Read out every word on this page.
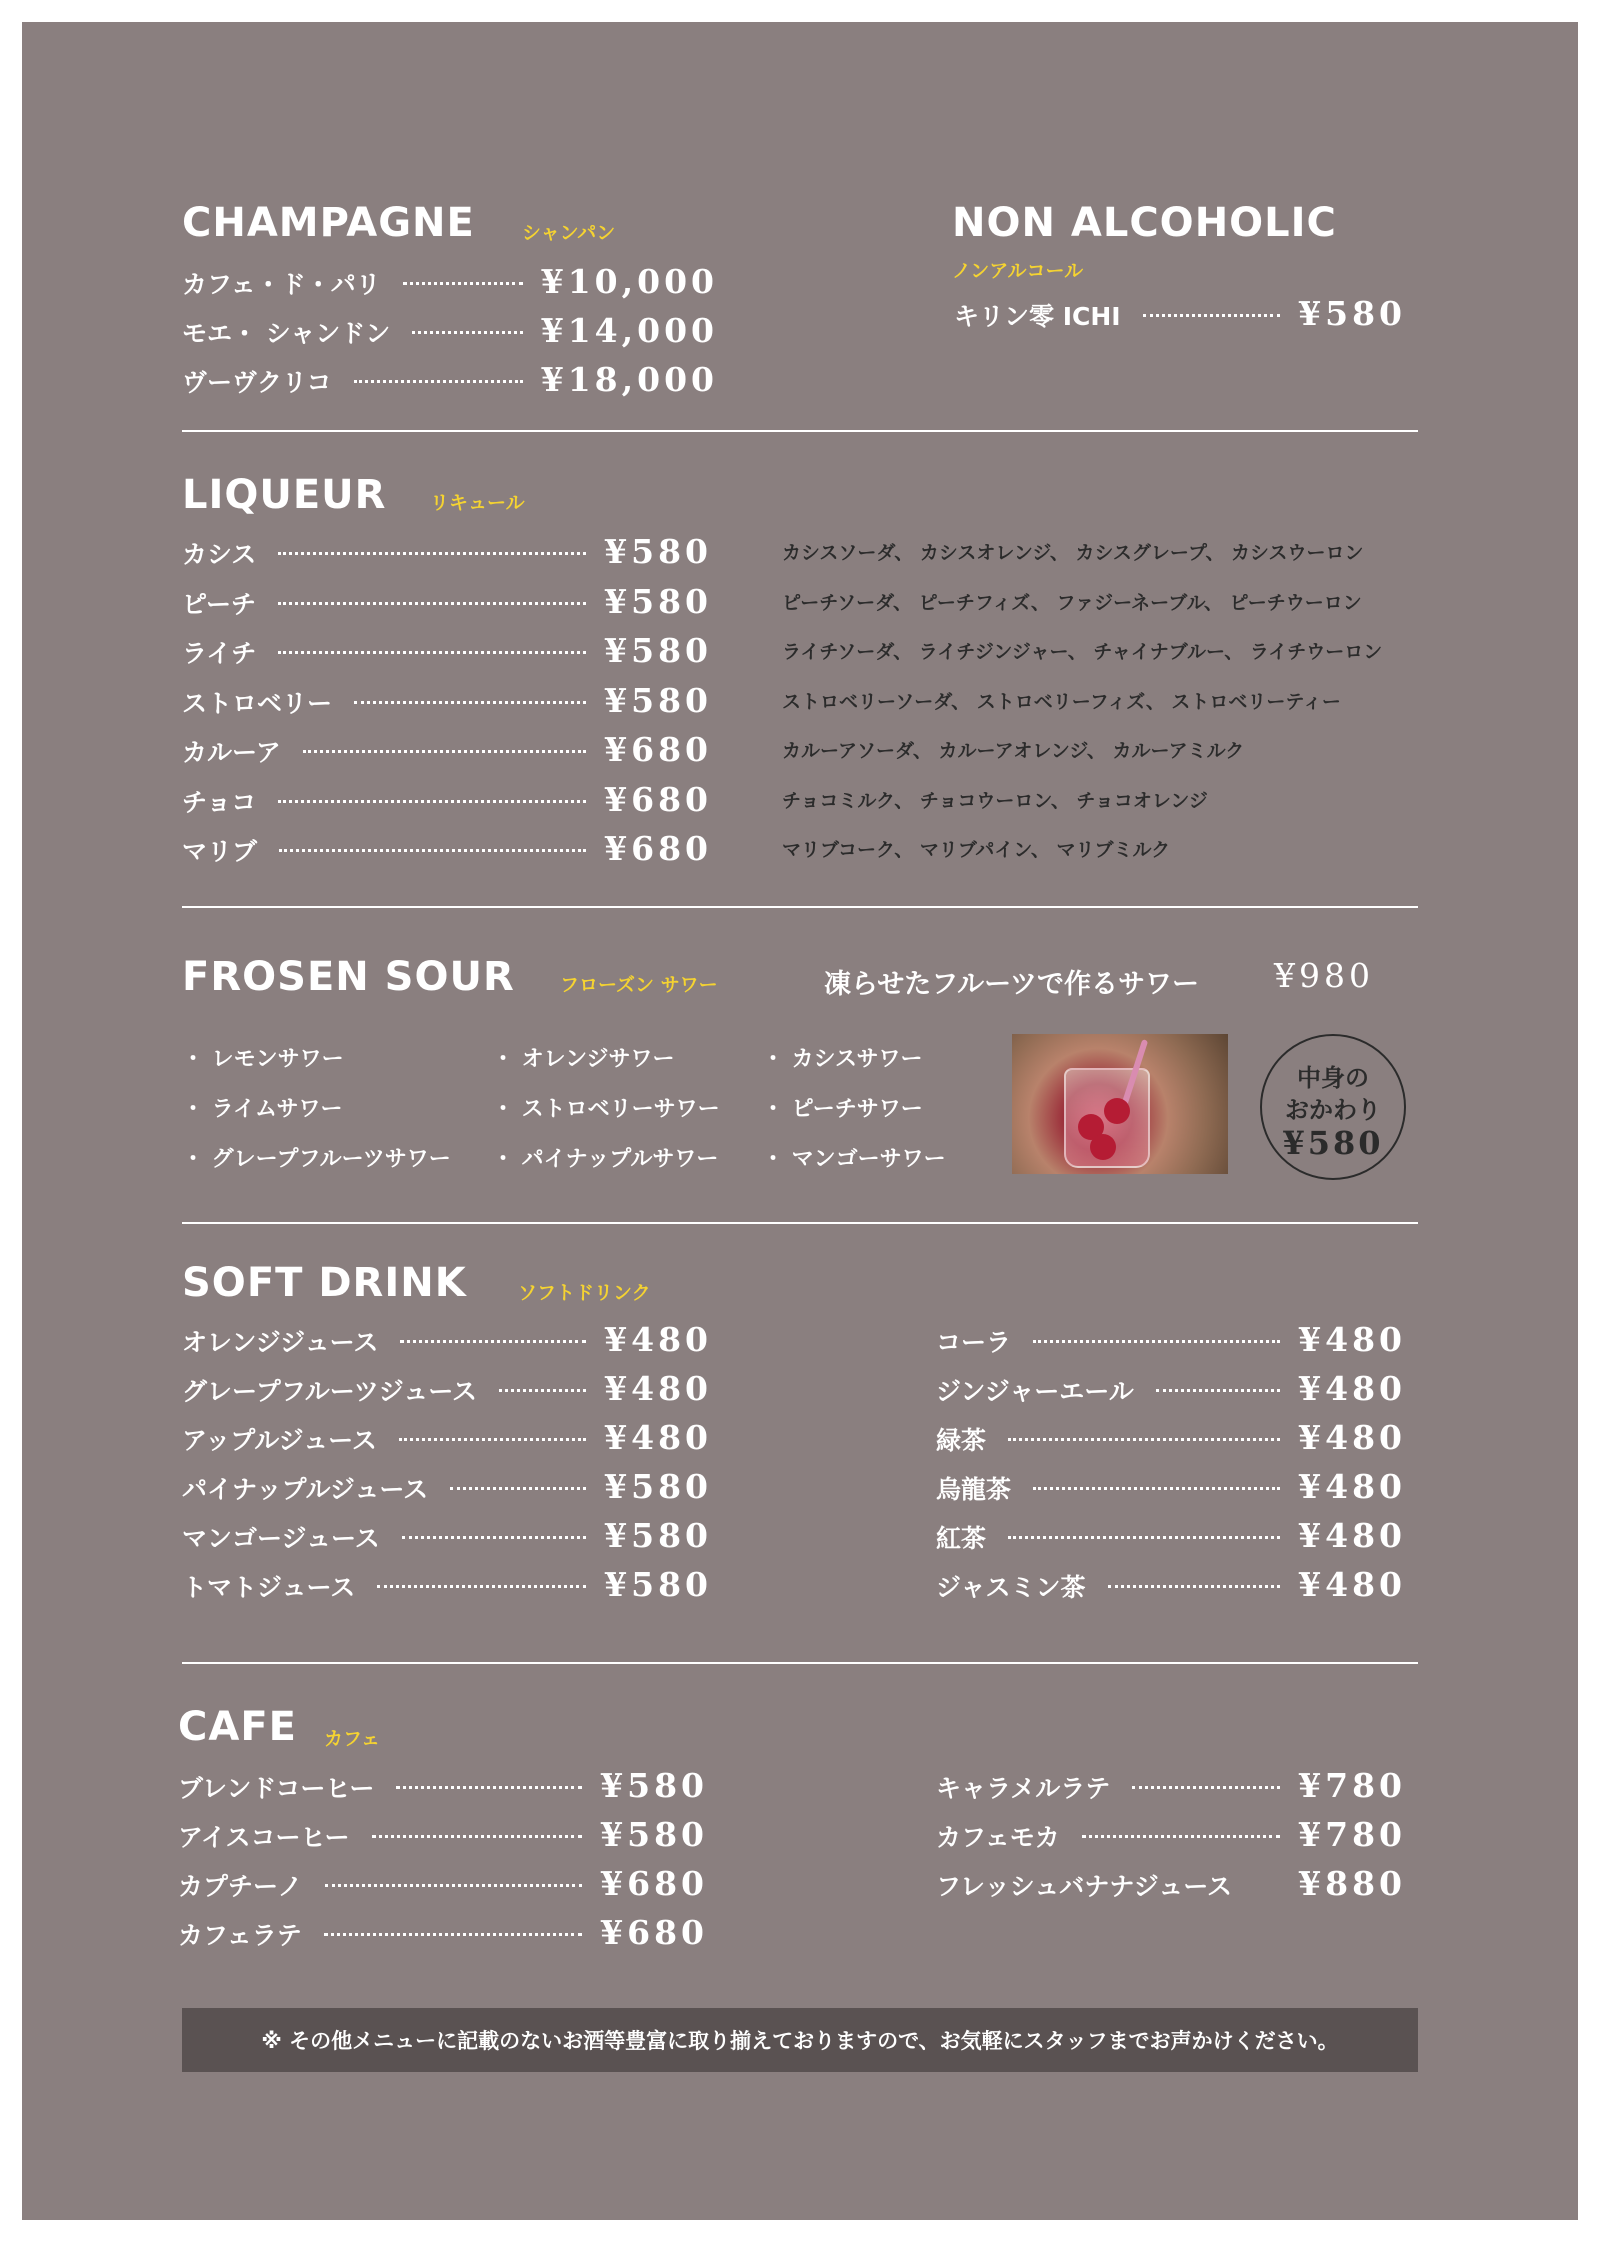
CHAMPAGNE シャンパン
カフェ・ド・パリ	¥10,000
モエ・ シャンドン	¥14,000
ヴーヴクリコ	¥18,000
NON ALCOHOLIC
ノンアルコール
キリン零 ICHI	¥580
LIQUEUR リキュール
カシス	¥580	カシスソーダ、 カシスオレンジ、 カシスグレープ、 カシスウーロン
ピーチ	¥580	ピーチソーダ、 ピーチフィズ、 ファジーネーブル、 ピーチウーロン
ライチ	¥580	ライチソーダ、 ライチジンジャー、 チャイナブルー、 ライチウーロン
ストロベリー	¥580	ストロベリーソーダ、 ストロベリーフィズ、 ストロベリーティー
カルーア	¥680	カルーアソーダ、 カルーアオレンジ、 カルーアミルク
チョコ	¥680	チョコミルク、 チョコウーロン、 チョコオレンジ
マリブ	¥680	マリブコーク、 マリブパイン、 マリブミルク
FROSEN SOUR フローズン サワー	凍らせたフルーツで作るサワー ¥980
・ レモンサワー
・ ライムサワー
・ グレープフルーツサワー
・ オレンジサワー
・ ストロベリーサワー
・ パイナップルサワー
・ カシスサワー
・ ピーチサワー
・ マンゴーサワー
中身の
おかわり
¥580
SOFT DRINK	ソフトドリンク
オレンジジュース	¥480
グレープフルーツジュース	¥480
アップルジュース	¥480
パイナップルジュース	¥580
マンゴージュース	¥580
トマトジュース	¥580
コーラ	¥480
ジンジャーエール	¥480
緑茶	¥480
烏龍茶	¥480
紅茶	¥480
ジャスミン茶	¥480
CAFE カフェ
ブレンドコーヒー	¥580
アイスコーヒー	¥580
カプチーノ	¥680
カフェラテ	¥680
キャラメルラテ	¥780
カフェモカ	¥780
フレッシュバナナジュース ¥880
※ その他メニューに記載のないお酒等豊富に取り揃えておりますので、お気軽にスタッフまでお声かけください。
